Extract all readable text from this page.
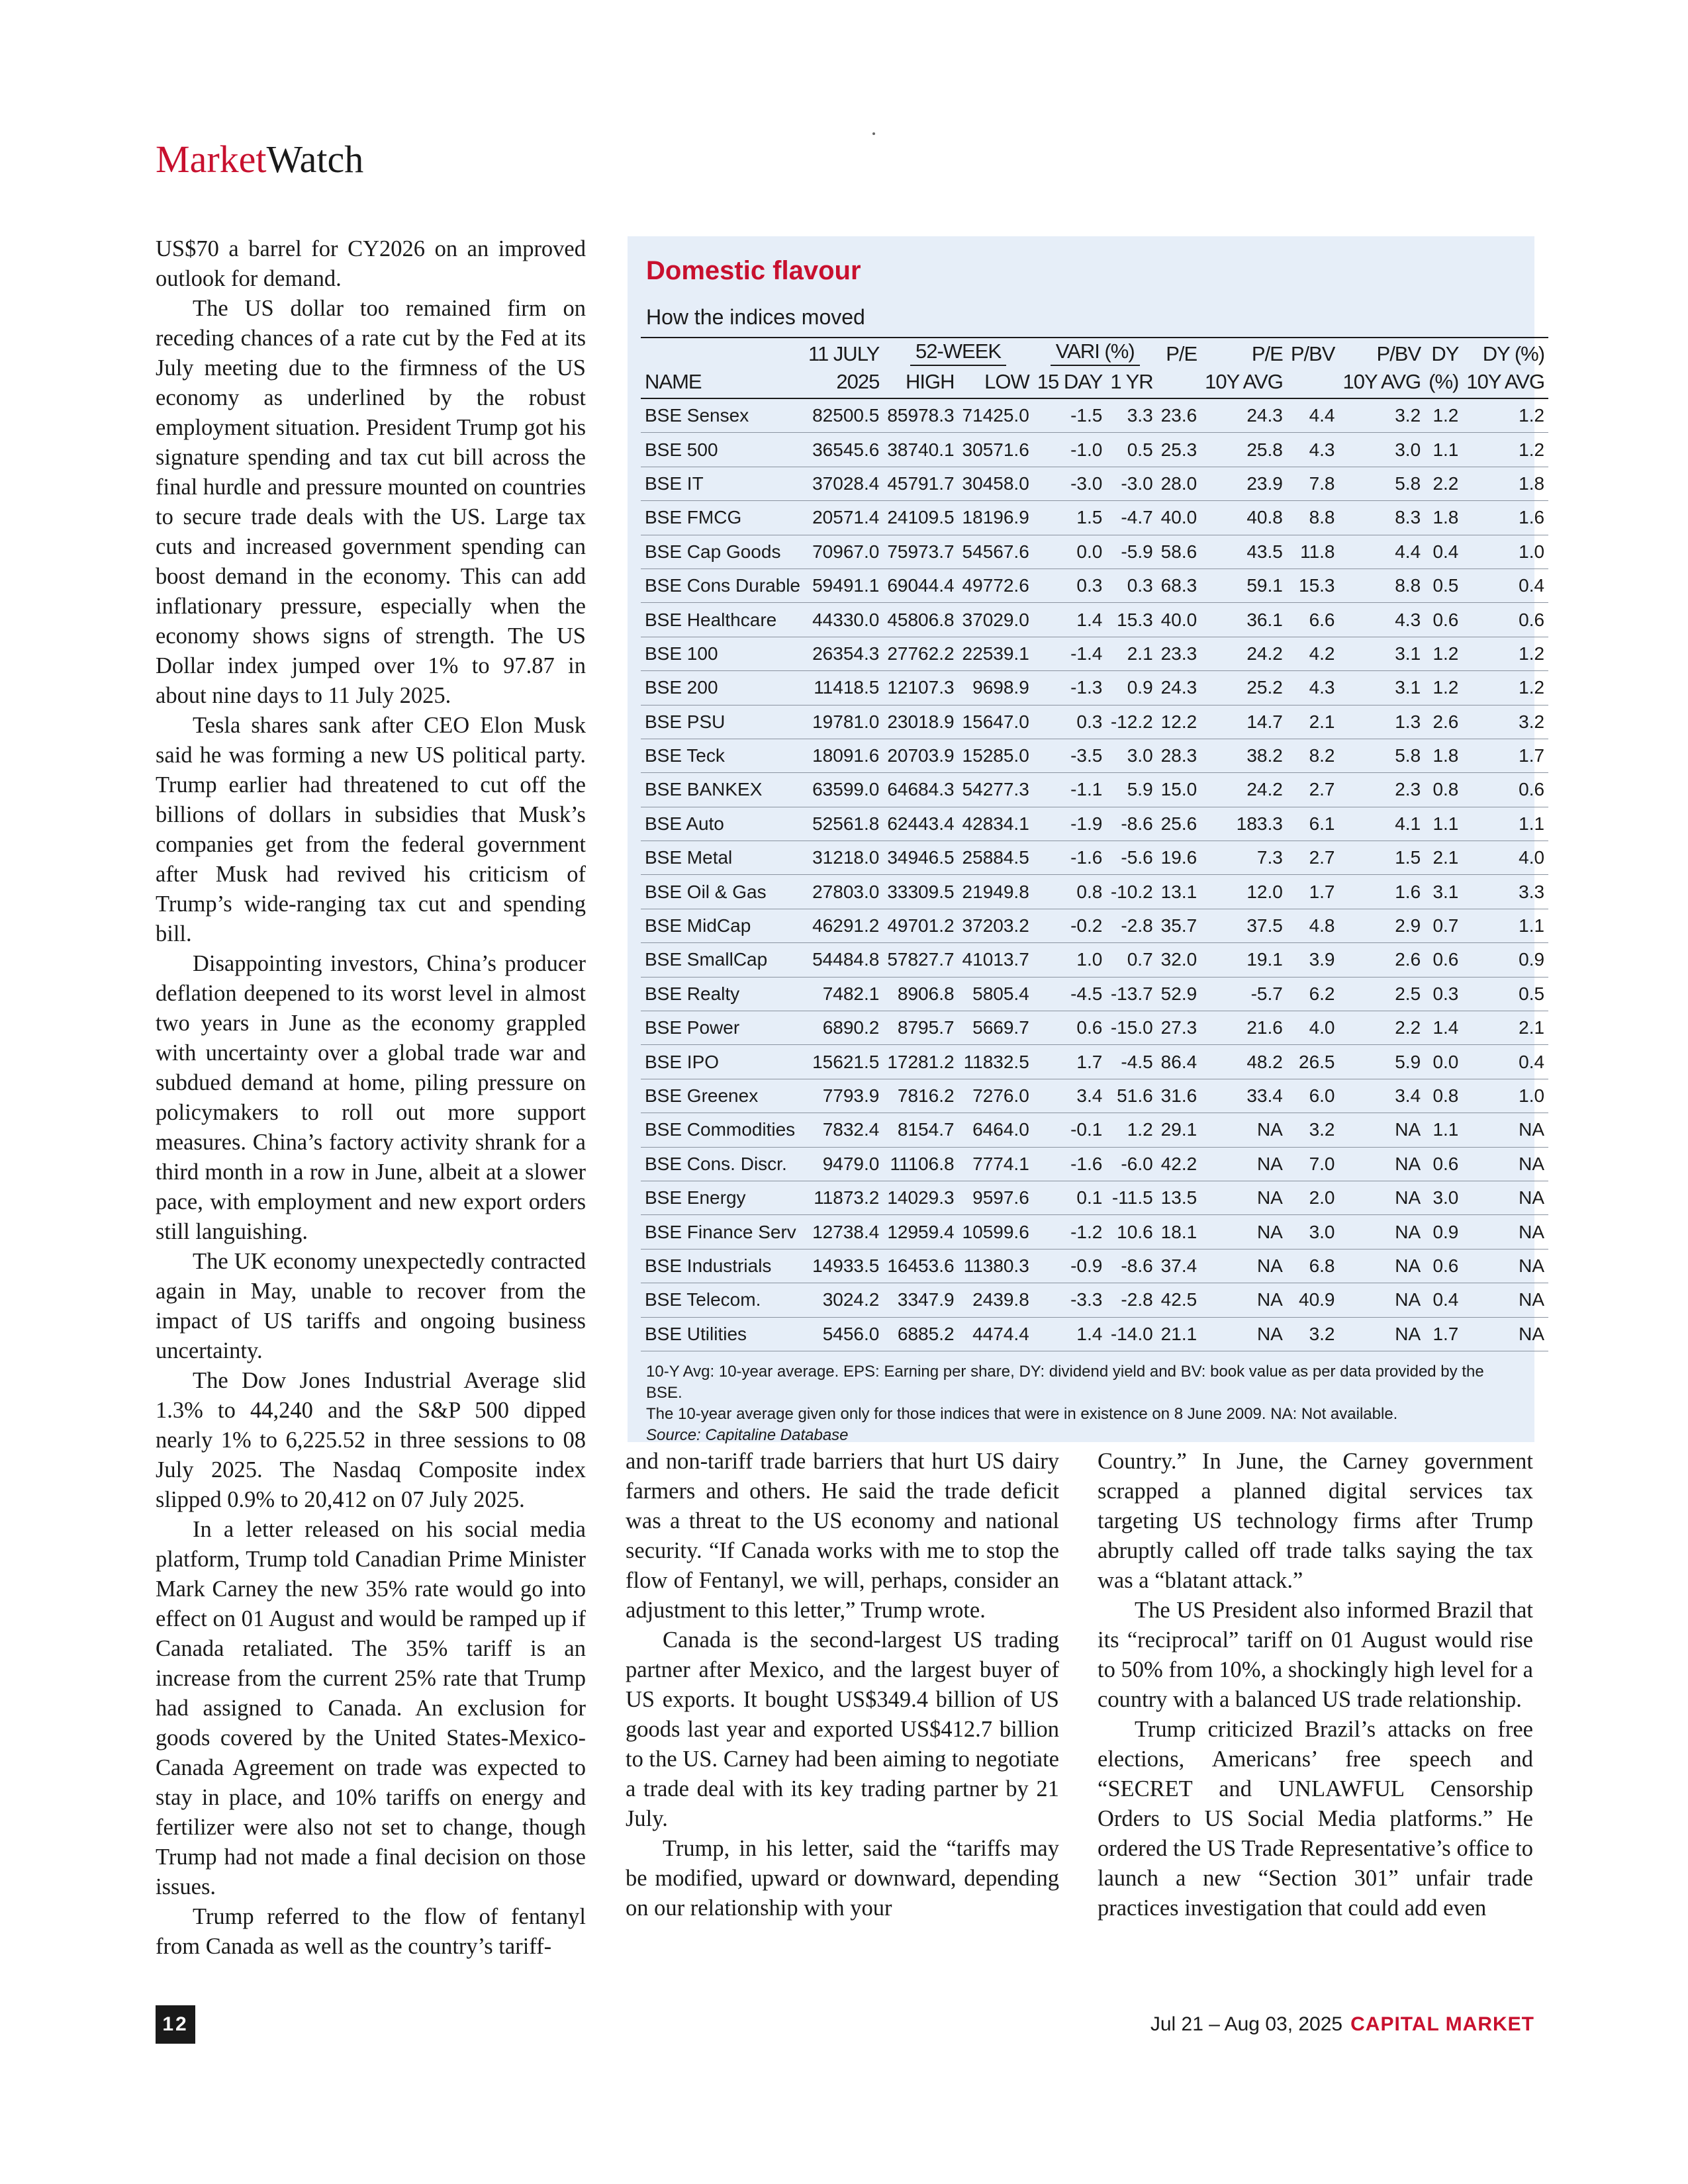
MarketWatch

US$70 a barrel for CY2026 on an improved outlook for demand.

The US dollar too remained firm on receding chances of a rate cut by the Fed at its July meeting due to the firmness of the US economy as underlined by the robust employment situation. President Trump got his signature spending and tax cut bill across the final hurdle and pressure mounted on countries to secure trade deals with the US. Large tax cuts and increased government spending can boost demand in the economy. This can add inflationary pressure, especially when the economy shows signs of strength. The US Dollar index jumped over 1% to 97.87 in about nine days to 11 July 2025.

Tesla shares sank after CEO Elon Musk said he was forming a new US political party. Trump earlier had threatened to cut off the billions of dollars in subsidies that Musk’s companies get from the federal government after Musk had revived his criticism of Trump’s wide-ranging tax cut and spending bill.

Disappointing investors, China’s producer deflation deepened to its worst level in almost two years in June as the economy grappled with uncertainty over a global trade war and subdued demand at home, piling pressure on policymakers to roll out more support measures. China’s factory activity shrank for a third month in a row in June, albeit at a slower pace, with employment and new export orders still languishing.

The UK economy unexpectedly contracted again in May, unable to recover from the impact of US tariffs and ongoing business uncertainty.

The Dow Jones Industrial Average slid 1.3% to 44,240 and the S&P 500 dipped nearly 1% to 6,225.52 in three sessions to 08 July 2025. The Nasdaq Composite index slipped 0.9% to 20,412 on 07 July 2025.

In a letter released on his social media platform, Trump told Canadian Prime Minister Mark Carney the new 35% rate would go into effect on 01 August and would be ramped up if Canada retaliated. The 35% tariff is an increase from the current 25% rate that Trump had assigned to Canada. An exclusion for goods covered by the United States-Mexico-Canada Agreement on trade was expected to stay in place, and 10% tariffs on energy and fertilizer were also not set to change, though Trump had not made a final decision on those issues.

Trump referred to the flow of fentanyl from Canada as well as the country’s tariff-

Domestic flavour
How the indices moved
	11 JULY	52-WEEK		VARI (%)		P/E	P/E	P/BV	P/BV	DY	DY (%)
NAME	2025	HIGH	LOW	15 DAY	1 YR		10Y AVG		10Y AVG	(%)	10Y AVG
BSE Sensex	82500.5	85978.3	71425.0	-1.5	3.3	23.6	24.3	4.4	3.2	1.2	1.2
BSE 500	36545.6	38740.1	30571.6	-1.0	0.5	25.3	25.8	4.3	3.0	1.1	1.2
BSE IT	37028.4	45791.7	30458.0	-3.0	-3.0	28.0	23.9	7.8	5.8	2.2	1.8
BSE FMCG	20571.4	24109.5	18196.9	1.5	-4.7	40.0	40.8	8.8	8.3	1.8	1.6
BSE Cap Goods	70967.0	75973.7	54567.6	0.0	-5.9	58.6	43.5	11.8	4.4	0.4	1.0
BSE Cons Durable	59491.1	69044.4	49772.6	0.3	0.3	68.3	59.1	15.3	8.8	0.5	0.4
BSE Healthcare	44330.0	45806.8	37029.0	1.4	15.3	40.0	36.1	6.6	4.3	0.6	0.6
BSE 100	26354.3	27762.2	22539.1	-1.4	2.1	23.3	24.2	4.2	3.1	1.2	1.2
BSE 200	11418.5	12107.3	9698.9	-1.3	0.9	24.3	25.2	4.3	3.1	1.2	1.2
BSE PSU	19781.0	23018.9	15647.0	0.3	-12.2	12.2	14.7	2.1	1.3	2.6	3.2
BSE Teck	18091.6	20703.9	15285.0	-3.5	3.0	28.3	38.2	8.2	5.8	1.8	1.7
BSE BANKEX	63599.0	64684.3	54277.3	-1.1	5.9	15.0	24.2	2.7	2.3	0.8	0.6
BSE Auto	52561.8	62443.4	42834.1	-1.9	-8.6	25.6	183.3	6.1	4.1	1.1	1.1
BSE Metal	31218.0	34946.5	25884.5	-1.6	-5.6	19.6	7.3	2.7	1.5	2.1	4.0
BSE Oil & Gas	27803.0	33309.5	21949.8	0.8	-10.2	13.1	12.0	1.7	1.6	3.1	3.3
BSE MidCap	46291.2	49701.2	37203.2	-0.2	-2.8	35.7	37.5	4.8	2.9	0.7	1.1
BSE SmallCap	54484.8	57827.7	41013.7	1.0	0.7	32.0	19.1	3.9	2.6	0.6	0.9
BSE Realty	7482.1	8906.8	5805.4	-4.5	-13.7	52.9	-5.7	6.2	2.5	0.3	0.5
BSE Power	6890.2	8795.7	5669.7	0.6	-15.0	27.3	21.6	4.0	2.2	1.4	2.1
BSE IPO	15621.5	17281.2	11832.5	1.7	-4.5	86.4	48.2	26.5	5.9	0.0	0.4
BSE Greenex	7793.9	7816.2	7276.0	3.4	51.6	31.6	33.4	6.0	3.4	0.8	1.0
BSE Commodities	7832.4	8154.7	6464.0	-0.1	1.2	29.1	NA	3.2	NA	1.1	NA
BSE Cons. Discr.	9479.0	11106.8	7774.1	-1.6	-6.0	42.2	NA	7.0	NA	0.6	NA
BSE Energy	11873.2	14029.3	9597.6	0.1	-11.5	13.5	NA	2.0	NA	3.0	NA
BSE Finance Serv	12738.4	12959.4	10599.6	-1.2	10.6	18.1	NA	3.0	NA	0.9	NA
BSE Industrials	14933.5	16453.6	11380.3	-0.9	-8.6	37.4	NA	6.8	NA	0.6	NA
BSE Telecom.	3024.2	3347.9	2439.8	-3.3	-2.8	42.5	NA	40.9	NA	0.4	NA
BSE Utilities	5456.0	6885.2	4474.4	1.4	-14.0	21.1	NA	3.2	NA	1.7	NA
10-Y Avg: 10-year average. EPS: Earning per share, DY: dividend yield and BV: book value as per data provided by the BSE.
The 10-year average given only for those indices that were in existence on 8 June 2009. NA: Not available.
Source: Capitaline Database

and non-tariff trade barriers that hurt US dairy farmers and others. He said the trade deficit was a threat to the US economy and national security. “If Canada works with me to stop the flow of Fentanyl, we will, perhaps, consider an adjustment to this letter,” Trump wrote.

Canada is the second-largest US trading partner after Mexico, and the largest buyer of US exports. It bought US$349.4 billion of US goods last year and exported US$412.7 billion to the US. Carney had been aiming to negotiate a trade deal with its key trading partner by 21 July.

Trump, in his letter, said the “tariffs may be modified, upward or downward, depending on our relationship with your

Country.” In June, the Carney government scrapped a planned digital services tax targeting US technology firms after Trump abruptly called off trade talks saying the tax was a “blatant attack.”

The US President also informed Brazil that its “reciprocal” tariff on 01 August would rise to 50% from 10%, a shockingly high level for a country with a balanced US trade relationship.

Trump criticized Brazil’s attacks on free elections, Americans’ free speech and “SECRET and UNLAWFUL Censorship Orders to US Social Media platforms.” He ordered the US Trade Representative’s office to launch a new “Section 301” unfair trade practices investigation that could add even

12	Jul 21 – Aug 03, 2025 CAPITAL MARKET
